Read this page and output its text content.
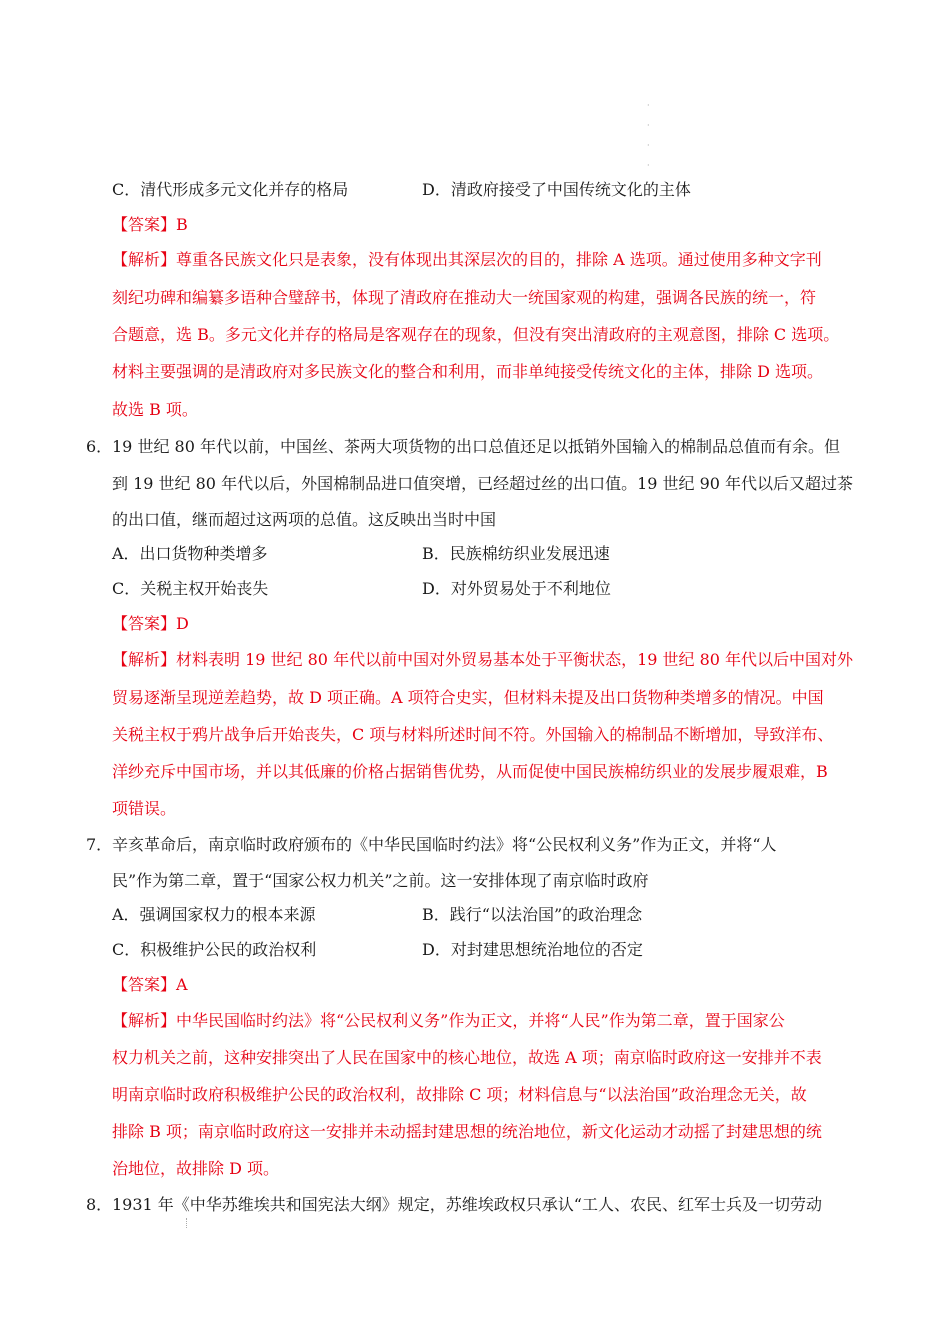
·
·
·
·
C．清代形成多元文化并存的格局	D．清政府接受了中国传统文化的主体
【答案】B
【解析】尊重各民族文化只是表象，没有体现出其深层次的目的，排除 A 选项。通过使用多种文字刊
刻纪功碑和编纂多语种合璧辞书，体现了清政府在推动大一统国家观的构建，强调各民族的统一，符
合题意，选 B。多元文化并存的格局是客观存在的现象，但没有突出清政府的主观意图，排除 C 选项。
材料主要强调的是清政府对多民族文化的整合和利用，而非单纯接受传统文化的主体，排除 D 选项。
故选 B 项。
6． 19 世纪 80 年代以前，中国丝、茶两大项货物的出口总值还足以抵销外国输入的棉制品总值而有余。但
到 19 世纪 80 年代以后，外国棉制品进口值突增，已经超过丝的出口值。19 世纪 90 年代以后又超过茶
的出口值，继而超过这两项的总值。这反映出当时中国
A．出口货物种类增多	B．民族棉纺织业发展迅速
C．关税主权开始丧失	D．对外贸易处于不利地位
【答案】D
【解析】材料表明 19 世纪 80 年代以前中国对外贸易基本处于平衡状态，19 世纪 80 年代以后中国对外
贸易逐渐呈现逆差趋势，故 D 项正确。A 项符合史实，但材料未提及出口货物种类增多的情况。中国
关税主权于鸦片战争后开始丧失，C 项与材料所述时间不符。外国输入的棉制品不断增加，导致洋布、
洋纱充斥中国市场，并以其低廉的价格占据销售优势，从而促使中国民族棉纺织业的发展步履艰难，B
项错误。
7． 辛亥革命后，南京临时政府颁布的《中华民国临时约法》将“公民权利义务”作为正文，并将“人
民”作为第二章，置于“国家公权力机关”之前。这一安排体现了南京临时政府
A．强调国家权力的根本来源	B．践行“以法治国”的政治理念
C．积极维护公民的政治权利	D．对封建思想统治地位的否定
【答案】A
【解析】中华民国临时约法》将“公民权利义务”作为正文，并将“人民”作为第二章，置于国家公
权力机关之前，这种安排突出了人民在国家中的核心地位，故选 A 项；南京临时政府这一安排并不表
明南京临时政府积极维护公民的政治权利，故排除 C 项；材料信息与“以法治国”政治理念无关，故
排除 B 项；南京临时政府这一安排并未动摇封建思想的统治地位，新文化运动才动摇了封建思想的统
治地位，故排除 D 项。
8． 1931 年《中华苏维埃共和国宪法大纲》规定，苏维埃政权只承认“工人、农民、红军士兵及一切劳动
